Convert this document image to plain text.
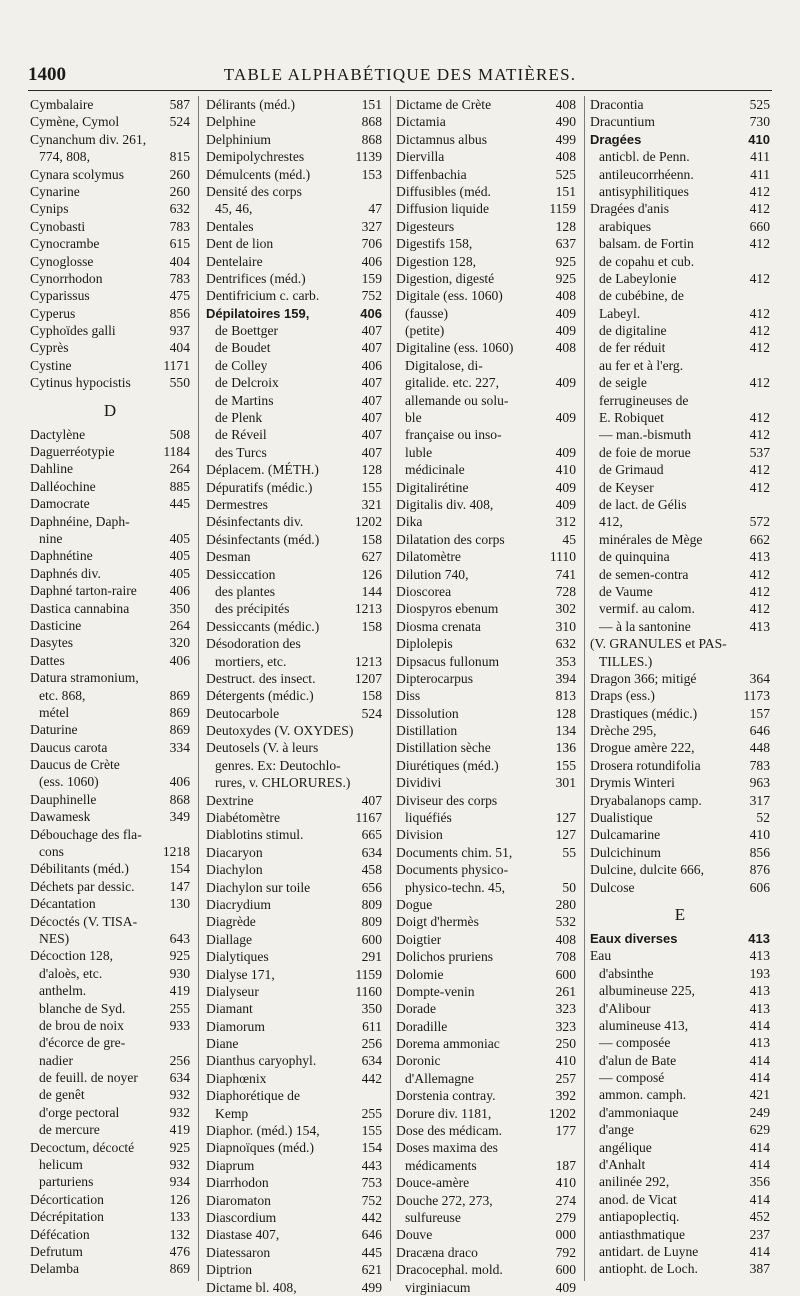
1400	TABLE ALPHABÉTIQUE DES MATIÈRES.
Cymbalaire	587
Cymène, Cymol	524
Cynanchum div. 261,
774, 808,	815
Cynara scolymus	260
Cynarine	260
Cynips	632
Cynobasti	783
Cynocrambe	615
Cynoglosse	404
Cynorrhodon	783
Cyparissus	475
Cyperus	856
Cyphoïdes galli	937
Cyprès	404
Cystine	1171
Cytinus hypocistis	550
D
Dactylène	508
Daguerréotypie	1184
Dahline	264
Dalléochine	885
Damocrate	445
Daphnéine, Daph-
nine	405
Daphnétine	405
Daphnés div.	405
Daphné tarton-raire 406
Dastica cannabina	350
Dasticine	264
Dasytes	320
Dattes	406
Datura stramonium,
etc. 868,	869
métel	869
Daturine	869
Daucus carota	334
Daucus de Crète
(ess. 1060)	406
Dauphinelle	868
Dawamesk	349
Débouchage des fla-
cons	1218
Débilitants (méd.)	154
Déchets par dessic.	147
Décantation	130
Décoctés (V. TISA-
NES)	643
Décoction 128,	925
d'aloès, etc.	930
anthelm.	419
blanche de Syd.	255
de brou de noix	933
d'écorce de gre-
nadier	256
de feuill. de noyer 634
de genêt	932
d'orge pectoral	932
de mercure	419
Decoctum, décocté	925
helicum	932
parturiens	934
Décortication	126
Décrépitation	133
Défécation	132
Defrutum	476
Delamba	869
Délirants (méd.)	151
Delphine	868
Delphinium	868
Demipolychrestes	1139
Démulcents (méd.)	153
Densité des corps
45, 46,	47
Dentales	327
Dent de lion	706
Dentelaire	406
Dentrifices (méd.)	159
Dentifricium c. carb.	752
Dépilatoires 159,	406
de Boettger	407
de Boudet	407
de Colley	406
de Delcroix	407
de Martins	407
de Plenk	407
de Réveil	407
des Turcs	407
Déplacem. (MÉTH.)	128
Dépuratifs (médic.)	155
Dermestres	321
Désinfectants div.	1202
Désinfectants (méd.)	158
Desman	627
Dessiccation	126
des plantes	144
des précipités	1213
Dessiccants (médic.)	158
Désodoration des
mortiers, etc.	1213
Destruct. des insect.	1207
Détergents (médic.)	158
Deutocarbole	524
Deutoxydes (V. OXYDES)
Deutosels (V. à leurs
genres. Ex: Deutochlo-
rures, v. CHLORURES.)
Dextrine	407
Diabétomètre	1167
Diablotins stimul.	665
Diacaryon	634
Diachylon	458
Diachylon sur toile	656
Diacrydium	809
Diagrède	809
Diallage	600
Dialytiques	291
Dialyse 171,	1159
Dialyseur	1160
Diamant	350
Diamorum	611
Diane	256
Dianthus caryophyl.	634
Diaphœnix	442
Diaphorétique de
Kemp	255
Diaphor. (méd.) 154,	155
Diapnoïques (méd.)	154
Diaprum	443
Diarrhodon	753
Diaromaton	752
Diascordium	442
Diastase 407,	646
Diatessaron	445
Diptrion	621
Dictame bl. 408,	499
Dictame de Crète	408
Dictamia	490
Dictamnus albus	499
Diervilla	408
Diffenbachia	525
Diffusibles (méd.	151
Diffusion liquide	1159
Digesteurs	128
Digestifs 158,	637
Digestion 128,	925
Digestion, digesté	925
Digitale (ess. 1060)	408
(fausse)	409
(petite)	409
Digitaline (ess. 1060)	408
Digitalose, di-
gitalide. etc. 227,	409
allemande ou solu-
ble	409
française ou inso-
luble	409
médicinale	410
Digitalirétine	409
Digitalis div. 408,	409
Dika	312
Dilatation des corps	45
Dilatomètre	1110
Dilution 740,	741
Dioscorea	728
Diospyros ebenum	302
Diosma crenata	310
Diplolepis	632
Dipsacus fullonum	353
Dipterocarpus	394
Diss	813
Dissolution	128
Distillation	134
Distillation sèche	136
Diurétiques (méd.)	155
Dividivi	301
Diviseur des corps
liquéfiés	127
Division	127
Documents chim. 51,	55
Documents physico-
physico-techn. 45,	50
Dogue	280
Doigt d'hermès	532
Doigtier	408
Dolichos pruriens	708
Dolomie	600
Dompte-venin	261
Dorade	323
Doradille	323
Dorema ammoniac	250
Doronic	410
d'Allemagne	257
Dorstenia contray.	392
Dorure div. 1181,	1202
Dose des médicam.	177
Doses maxima des
médicaments	187
Douce-amère	410
Douche 272, 273,	274
sulfureuse	279
Douve	000
Dracæna draco	792
Dracocephal. mold.	600
virginiacum	409
Dracontia	525
Dracuntium	730
Dragées	410
anticbl. de Penn.	411
antileucorrhéenn.	411
antisyphilitiques	412
Dragées d'anis	412
arabiques	660
balsam. de Fortin	412
de copahu et cub.
de Labeylonie	412
de cubébine, de
Labeyl.	412
de digitaline	412
de fer réduit	412
au fer et à l'erg.
de seigle	412
ferrugineuses de
E. Robiquet	412
— man.-bismuth	412
de foie de morue	537
de Grimaud	412
de Keyser	412
de lact. de Gélis
412,	572
minérales de Mège	662
de quinquina	413
de semen-contra	412
de Vaume	412
vermif. au calom.	412
— à la santonine	413
(V. GRANULES et PAS-
TILLES.)
Dragon 366; mitigé	364
Draps (ess.)	1173
Drastiques (médic.)	157
Drèche 295,	646
Drogue amère 222,	448
Drosera rotundifolia	783
Drymis Winteri	963
Dryabalanops camp.	317
Dualistique	52
Dulcamarine	410
Dulcichinum	856
Dulcine, dulcite 666,	876
Dulcose	606
E
Eaux diverses	413
Eau	413
d'absinthe	193
albumineuse 225,	413
d'Alibour	413
alumineuse 413,	414
— composée	413
d'alun de Bate	414
— composé	414
ammon. camph.	421
d'ammoniaque	249
d'ange	629
angélique	414
d'Anhalt	414
anilinée 292,	356
anod. de Vicat	414
antiapoplectiq.	452
antiasthmatique	237
antidart. de Luyne	414
antiopht. de Loch.	387
